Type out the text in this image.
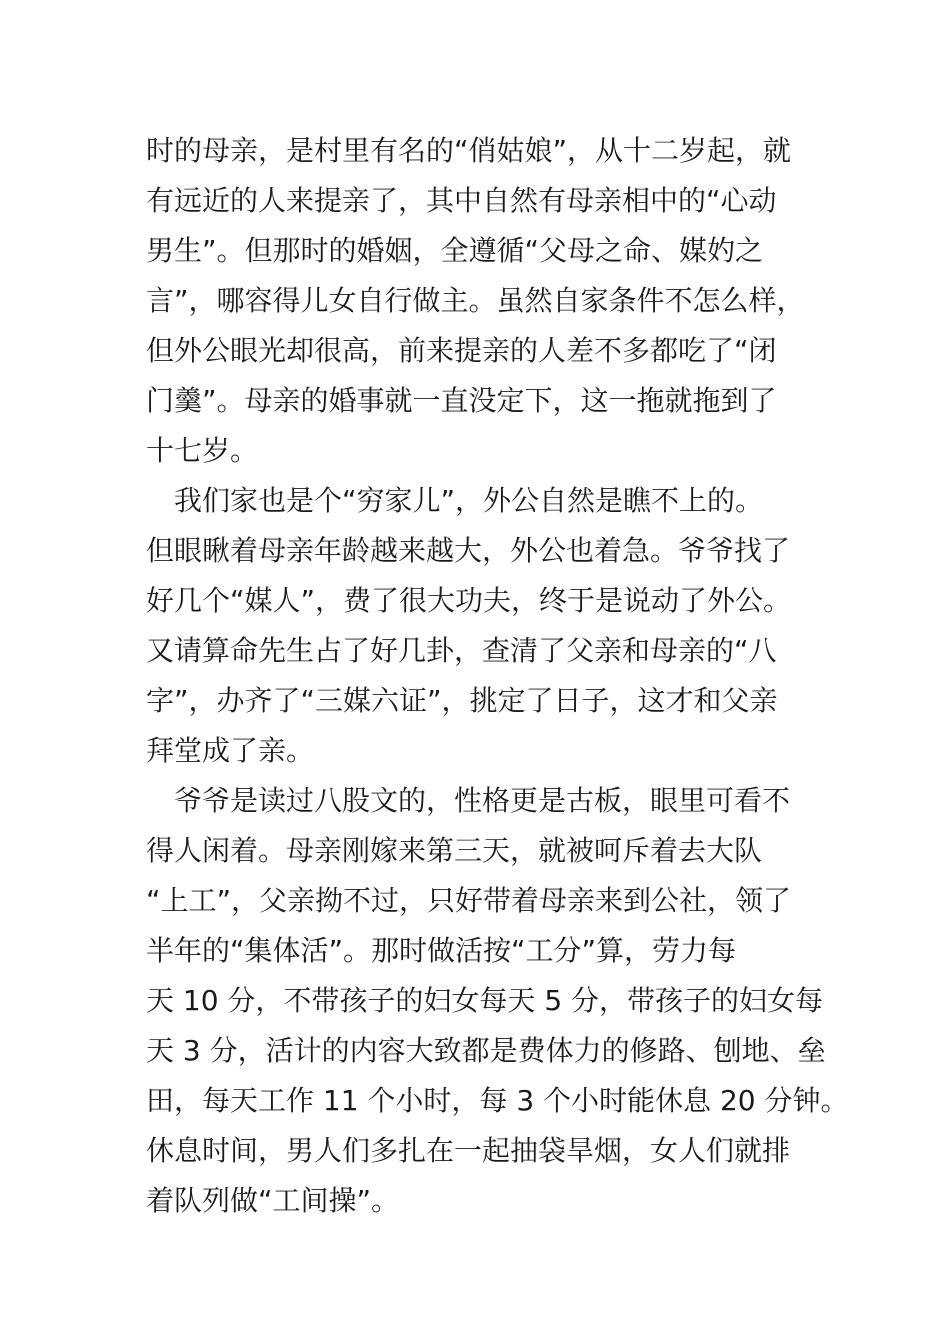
时的母亲，是村里有名的“俏姑娘”，从十二岁起，就
有远近的人来提亲了，其中自然有母亲相中的“心动
男生”。但那时的婚姻，全遵循“父母之命、媒妁之
言”，哪容得儿女自行做主。虽然自家条件不怎么样，
但外公眼光却很高，前来提亲的人差不多都吃了“闭
门羹”。母亲的婚事就一直没定下，这一拖就拖到了
十七岁。
　我们家也是个“穷家儿”，外公自然是瞧不上的。
但眼瞅着母亲年龄越来越大，外公也着急。爷爷找了
好几个“媒人”，费了很大功夫，终于是说动了外公。
又请算命先生占了好几卦，查清了父亲和母亲的“八
字”，办齐了“三媒六证”，挑定了日子，这才和父亲
拜堂成了亲。
　爷爷是读过八股文的，性格更是古板，眼里可看不
得人闲着。母亲刚嫁来第三天，就被呵斥着去大队
“上工”，父亲拗不过，只好带着母亲来到公社，领了
半年的“集体活”。那时做活按“工分”算，劳力每
天 10 分，不带孩子的妇女每天 5 分，带孩子的妇女每
天 3 分，活计的内容大致都是费体力的修路、刨地、垒
田，每天工作 11 个小时，每 3 个小时能休息 20 分钟。
休息时间，男人们多扎在一起抽袋旱烟，女人们就排
着队列做“工间操”。
